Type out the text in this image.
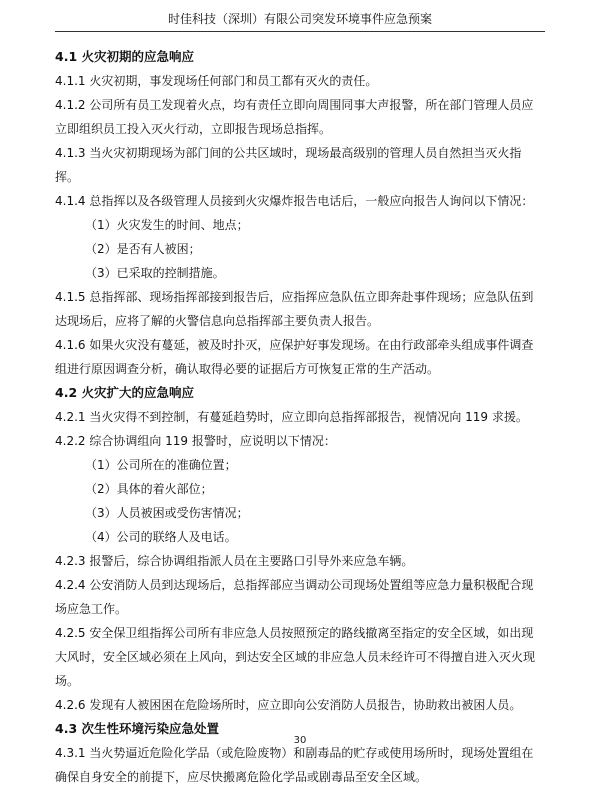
时佳科技（深圳）有限公司突发环境事件应急预案
4.1 火灾初期的应急响应
4.1.1 火灾初期，事发现场任何部门和员工都有灭火的责任。
4.1.2 公司所有员工发现着火点，均有责任立即向周围同事大声报警，所在部门管理人员应立即组织员工投入灭火行动，立即报告现场总指挥。
4.1.3 当火灾初期现场为部门间的公共区域时，现场最高级别的管理人员自然担当灭火指挥。
4.1.4 总指挥以及各级管理人员接到火灾爆炸报告电话后，一般应向报告人询问以下情况：
（1）火灾发生的时间、地点；
（2）是否有人被困；
（3）已采取的控制措施。
4.1.5 总指挥部、现场指挥部接到报告后，应指挥应急队伍立即奔赴事件现场；应急队伍到达现场后，应将了解的火警信息向总指挥部主要负责人报告。
4.1.6 如果火灾没有蔓延，被及时扑灭，应保护好事发现场。在由行政部牵头组成事件调查组进行原因调查分析，确认取得必要的证据后方可恢复正常的生产活动。
4.2 火灾扩大的应急响应
4.2.1 当火灾得不到控制，有蔓延趋势时，应立即向总指挥部报告，视情况向 119 求援。
4.2.2 综合协调组向 119 报警时，应说明以下情况：
（1）公司所在的准确位置；
（2）具体的着火部位；
（3）人员被困或受伤害情况；
（4）公司的联络人及电话。
4.2.3 报警后，综合协调组指派人员在主要路口引导外来应急车辆。
4.2.4 公安消防人员到达现场后，总指挥部应当调动公司现场处置组等应急力量积极配合现场应急工作。
4.2.5 安全保卫组指挥公司所有非应急人员按照预定的路线撤离至指定的安全区域，如出现大风时，安全区域必须在上风向，到达安全区域的非应急人员未经许可不得擅自进入灭火现场。
4.2.6 发现有人被困困在危险场所时，应立即向公安消防人员报告，协助救出被困人员。
4.3 次生性环境污染应急处置
4.3.1 当火势逼近危险化学品（或危险废物）和剧毒品的贮存或使用场所时，现场处置组在确保自身安全的前提下，应尽快搬离危险化学品或剧毒品至安全区域。
30
